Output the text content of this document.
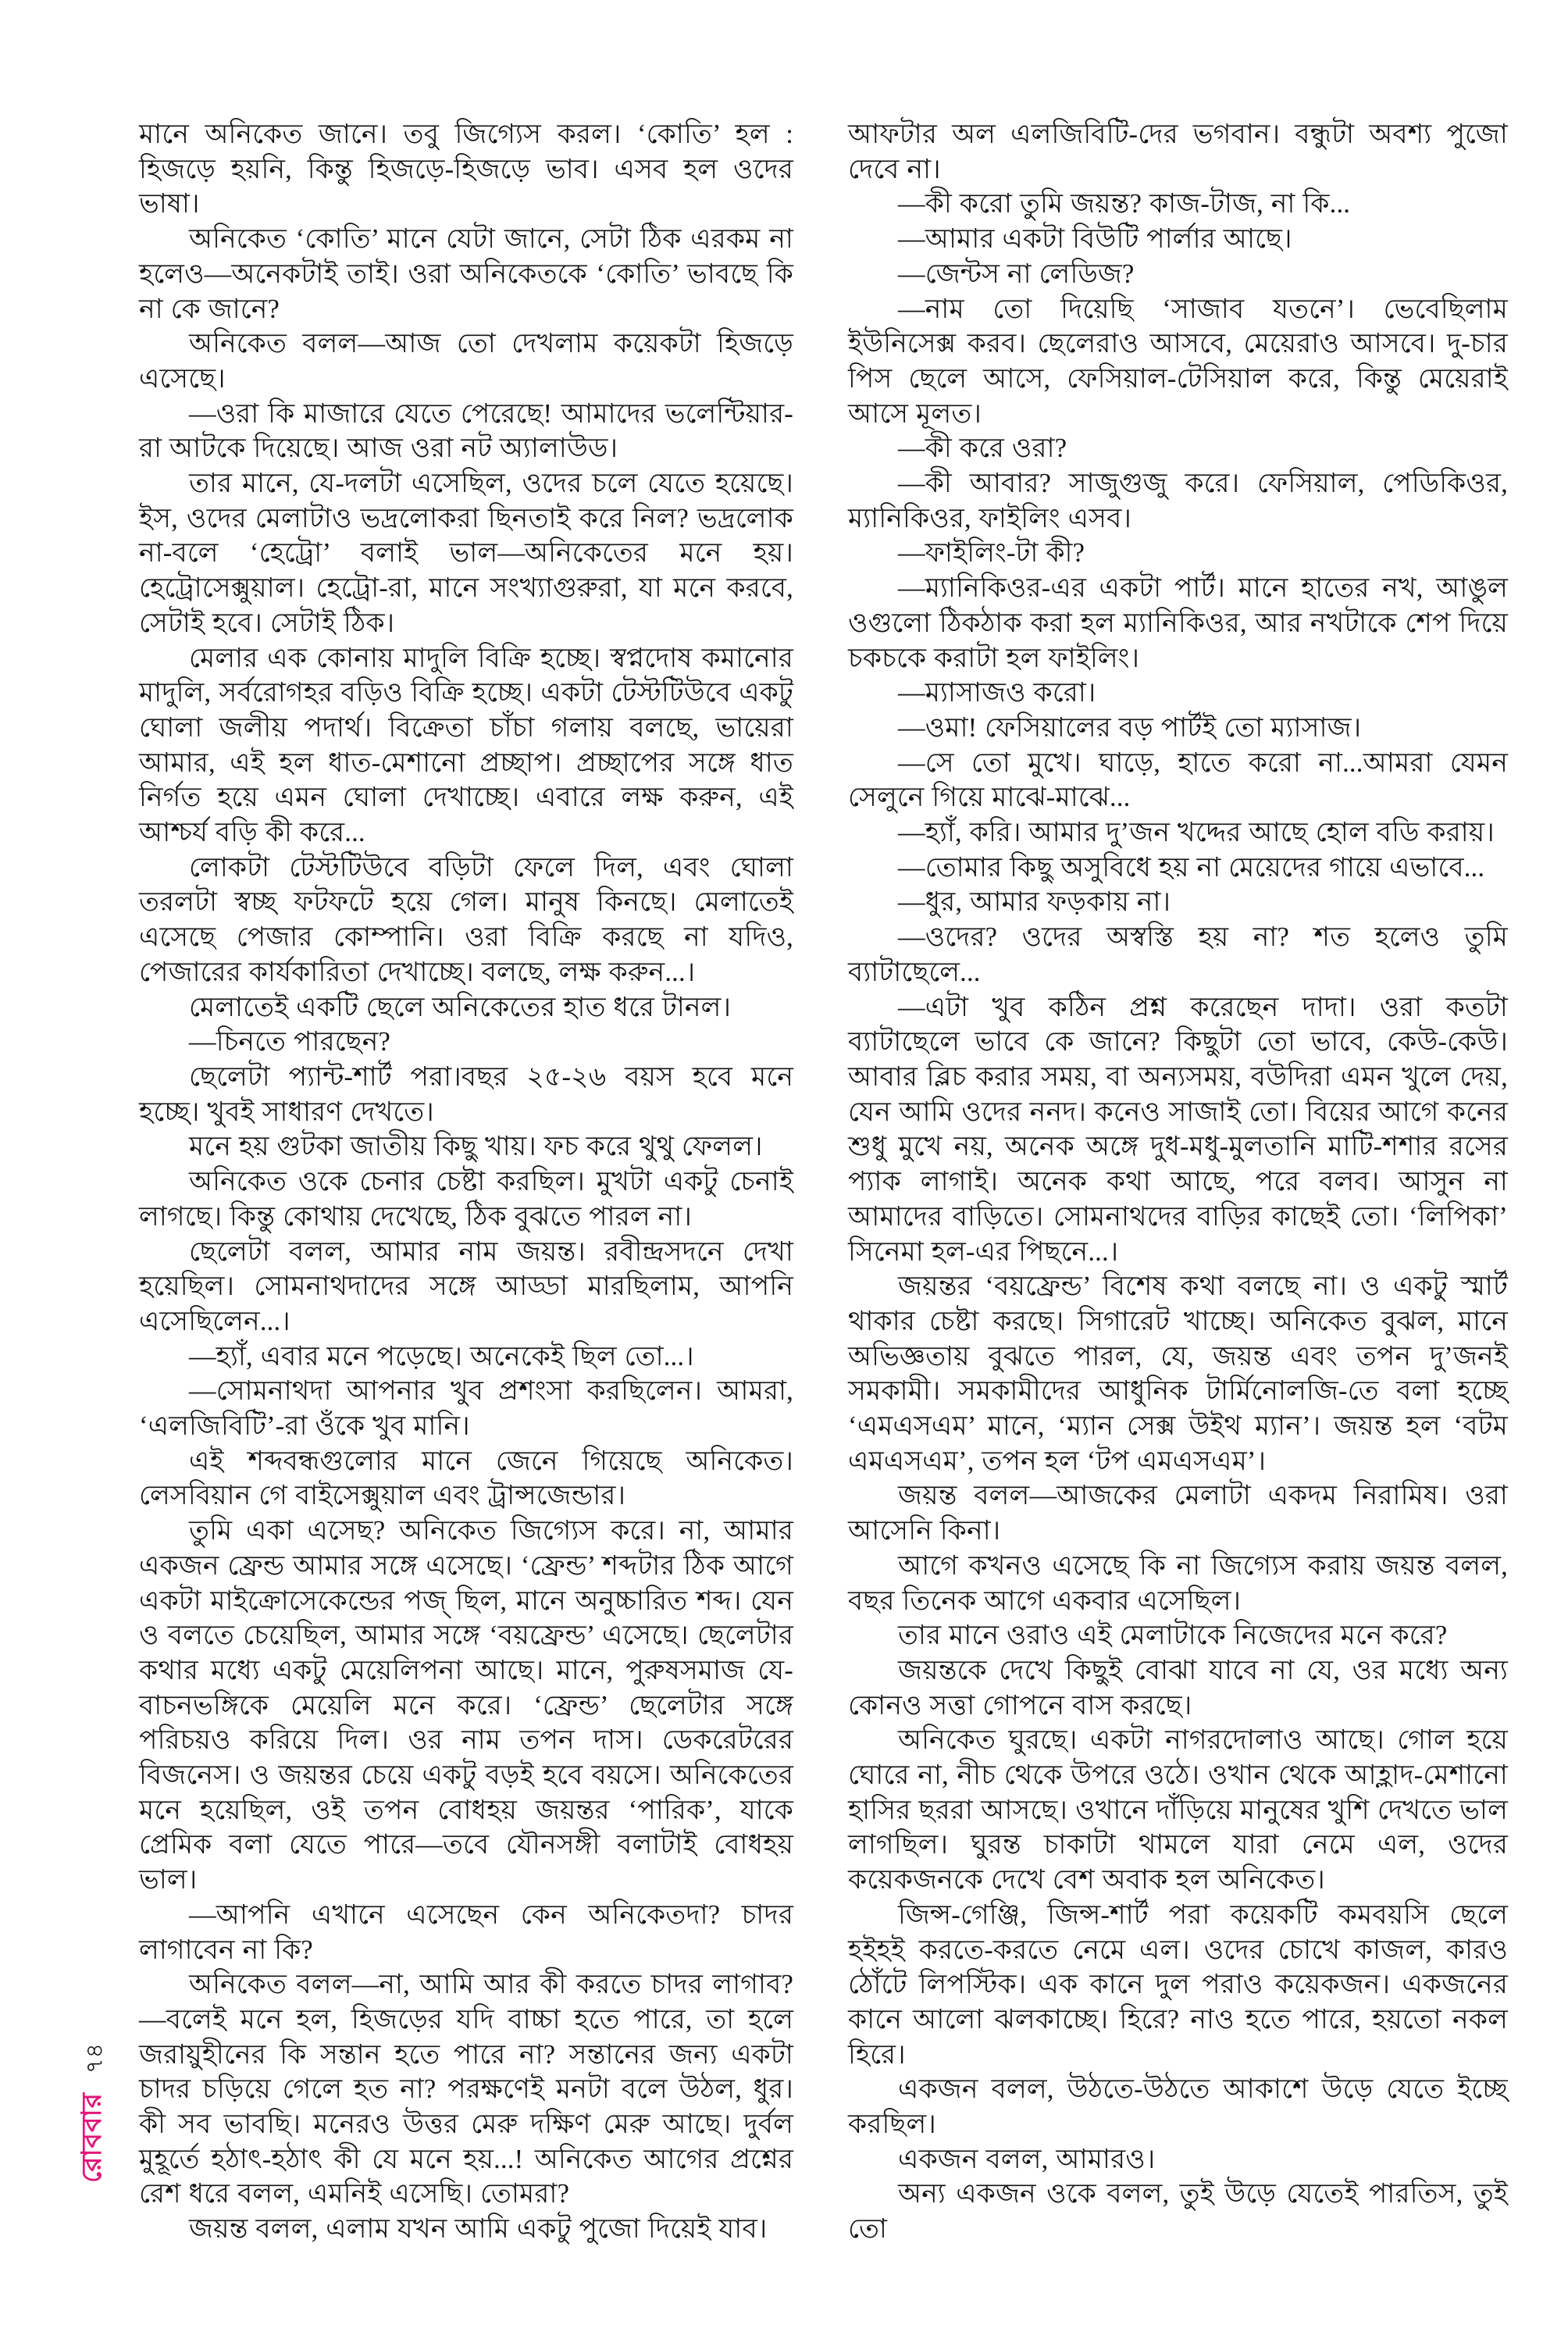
রোববার
৭৪

মানে অনিকেত জানে। তবু জিগ্যেস করল। ‘কোতি’ হল : হিজড়ে হয়নি, কিন্তু হিজড়ে-হিজড়ে ভাব। এসব হল ওদের ভাষা।

অনিকেত ‘কোতি’ মানে যেটা জানে, সেটা ঠিক এরকম না হলেও—অনেকটাই তাই। ওরা অনিকেতকে ‘কোতি’ ভাবছে কি না কে জানে?

অনিকেত বলল—আজ তো দেখলাম কয়েকটা হিজড়ে এসেছে।

—ওরা কি মাজারে যেতে পেরেছে! আমাদের ভলেন্টিয়ার-রা আটকে দিয়েছে। আজ ওরা নট অ্যালাউড।

তার মানে, যে-দলটা এসেছিল, ওদের চলে যেতে হয়েছে। ইস, ওদের মেলাটাও ভদ্রলোকরা ছিনতাই করে নিল? ভদ্রলোক না-বলে ‘হেট্রো’ বলাই ভাল—অনিকেতের মনে হয়। হেট্রোসেক্সুয়াল। হেট্রো-রা, মানে সংখ্যাগুরুরা, যা মনে করবে, সেটাই হবে। সেটাই ঠিক।

মেলার এক কোনায় মাদুলি বিক্রি হচ্ছে। স্বপ্নদোষ কমানোর মাদুলি, সর্বরোগহর বড়িও বিক্রি হচ্ছে। একটা টেস্টটিউবে একটু ঘোলা জলীয় পদার্থ। বিক্রেতা চাঁচা গলায় বলছে, ভায়েরা আমার, এই হল ধাত-মেশানো প্রচ্ছাপ। প্রচ্ছাপের সঙ্গে ধাত নির্গত হয়ে এমন ঘোলা দেখাচ্ছে। এবারে লক্ষ করুন, এই আশ্চর্য বড়ি কী করে...

লোকটা টেস্টটিউবে বড়িটা ফেলে দিল, এবং ঘোলা তরলটা স্বচ্ছ ফটফটে হয়ে গেল। মানুষ কিনছে। মেলাতেই এসেছে পেজার কোম্পানি। ওরা বিক্রি করছে না যদিও, পেজারের কার্যকারিতা দেখাচ্ছে। বলছে, লক্ষ করুন...।

মেলাতেই একটি ছেলে অনিকেতের হাত ধরে টানল।

—চিনতে পারছেন?

ছেলেটা প্যান্ট-শার্ট পরা।বছর ২৫-২৬ বয়স হবে মনে হচ্ছে। খুবই সাধারণ দেখতে।

মনে হয় গুটকা জাতীয় কিছু খায়। ফচ করে থুথু ফেলল।

অনিকেত ওকে চেনার চেষ্টা করছিল। মুখটা একটু চেনাই লাগছে। কিন্তু কোথায় দেখেছে, ঠিক বুঝতে পারল না।

ছেলেটা বলল, আমার নাম জয়ন্ত। রবীন্দ্রসদনে দেখা হয়েছিল। সোমনাথদাদের সঙ্গে আড্ডা মারছিলাম, আপনি এসেছিলেন...।

—হ্যাঁ, এবার মনে পড়েছে। অনেকেই ছিল তো...।

—সোমনাথদা আপনার খুব প্রশংসা করছিলেন। আমরা, ‘এলজিবিটি’-রা ওঁকে খুব মানি।

এই শব্দবন্ধগুলোর মানে জেনে গিয়েছে অনিকেত। লেসবিয়ান গে বাইসেক্সুয়াল এবং ট্রান্সজেন্ডার।

তুমি একা এসেছ? অনিকেত জিগ্যেস করে। না, আমার একজন ফ্রেন্ড আমার সঙ্গে এসেছে। ‘ফ্রেন্ড’ শব্দটার ঠিক আগে একটা মাইক্রোসেকেন্ডের পজ্ ছিল, মানে অনুচ্চারিত শব্দ। যেন ও বলতে চেয়েছিল, আমার সঙ্গে ‘বয়ফ্রেন্ড’ এসেছে। ছেলেটার কথার মধ্যে একটু মেয়েলিপনা আছে। মানে, পুরুষসমাজ যে-বাচনভঙ্গিকে মেয়েলি মনে করে। ‘ফ্রেন্ড’ ছেলেটার সঙ্গে পরিচয়ও করিয়ে দিল। ওর নাম তপন দাস। ডেকরেটরের বিজনেস। ও জয়ন্তর চেয়ে একটু বড়ই হবে বয়সে। অনিকেতের মনে হয়েছিল, ওই তপন বোধহয় জয়ন্তর ‘পারিক’, যাকে প্রেমিক বলা যেতে পারে—তবে যৌনসঙ্গী বলাটাই বোধহয় ভাল।

—আপনি এখানে এসেছেন কেন অনিকেতদা? চাদর লাগাবেন না কি?

অনিকেত বলল—না, আমি আর কী করতে চাদর লাগাব?—বলেই মনে হল, হিজড়ের যদি বাচ্চা হতে পারে, তা হলে জরায়ুহীনের কি সন্তান হতে পারে না? সন্তানের জন্য একটা চাদর চড়িয়ে গেলে হত না? পরক্ষণেই মনটা বলে উঠল, ধুর। কী সব ভাবছি। মনেরও উত্তর মেরু দক্ষিণ মেরু আছে। দুর্বল মুহূর্তে হঠাৎ-হঠাৎ কী যে মনে হয়...! অনিকেত আগের প্রশ্নের রেশ ধরে বলল, এমনিই এসেছি। তোমরা?

জয়ন্ত বলল, এলাম যখন আমি একটু পুজো দিয়েই যাব।

আফটার অল এলজিবিটি-দের ভগবান। বন্ধুটা অবশ্য পুজো দেবে না।

—কী করো তুমি জয়ন্ত? কাজ-টাজ, না কি...

—আমার একটা বিউটি পার্লার আছে।

—জেন্টস না লেডিজ?

—নাম তো দিয়েছি ‘সাজাব যতনে’। ভেবেছিলাম ইউনিসেক্স করব। ছেলেরাও আসবে, মেয়েরাও আসবে। দু-চার পিস ছেলে আসে, ফেসিয়াল-টেসিয়াল করে, কিন্তু মেয়েরাই আসে মূলত।

—কী করে ওরা?

—কী আবার? সাজুগুজু করে। ফেসিয়াল, পেডিকিওর, ম্যানিকিওর, ফাইলিং এসব।

—ফাইলিং-টা কী?

—ম্যানিকিওর-এর একটা পার্ট। মানে হাতের নখ, আঙুল ওগুলো ঠিকঠাক করা হল ম্যানিকিওর, আর নখটাকে শেপ দিয়ে চকচকে করাটা হল ফাইলিং।

—ম্যাসাজও করো।

—ওমা! ফেসিয়ালের বড় পার্টই তো ম্যাসাজ।

—সে তো মুখে। ঘাড়ে, হাতে করো না...আমরা যেমন সেলুনে গিয়ে মাঝে-মাঝে...

—হ্যাঁ, করি। আমার দু’জন খদ্দের আছে হোল বডি করায়।

—তোমার কিছু অসুবিধে হয় না মেয়েদের গায়ে এভাবে...

—ধুর, আমার ফড়কায় না।

—ওদের? ওদের অস্বস্তি হয় না? শত হলেও তুমি ব্যাটাছেলে...

—এটা খুব কঠিন প্রশ্ন করেছেন দাদা। ওরা কতটা ব্যাটাছেলে ভাবে কে জানে? কিছুটা তো ভাবে, কেউ-কেউ। আবার ব্লিচ করার সময়, বা অন্যসময়, বউদিরা এমন খুলে দেয়, যেন আমি ওদের ননদ। কনেও সাজাই তো। বিয়ের আগে কনের শুধু মুখে নয়, অনেক অঙ্গে দুধ-মধু-মুলতানি মাটি-শশার রসের প্যাক লাগাই। অনেক কথা আছে, পরে বলব। আসুন না আমাদের বাড়িতে। সোমনাথদের বাড়ির কাছেই তো। ‘লিপিকা’ সিনেমা হল-এর পিছনে...।

জয়ন্তর ‘বয়ফ্রেন্ড’ বিশেষ কথা বলছে না। ও একটু স্মার্ট থাকার চেষ্টা করছে। সিগারেট খাচ্ছে। অনিকেত বুঝল, মানে অভিজ্ঞতায় বুঝতে পারল, যে, জয়ন্ত এবং তপন দু’জনই সমকামী। সমকামীদের আধুনিক টার্মিনোলজি-তে বলা হচ্ছে ‘এমএসএম’ মানে, ‘ম্যান সেক্স উইথ ম্যান’। জয়ন্ত হল ‘বটম এমএসএম’, তপন হল ‘টপ এমএসএম’।

জয়ন্ত বলল—আজকের মেলাটা একদম নিরামিষ। ওরা আসেনি কিনা।

আগে কখনও এসেছে কি না জিগ্যেস করায় জয়ন্ত বলল, বছর তিনেক আগে একবার এসেছিল।

তার মানে ওরাও এই মেলাটাকে নিজেদের মনে করে?

জয়ন্তকে দেখে কিছুই বোঝা যাবে না যে, ওর মধ্যে অন্য কোনও সত্তা গোপনে বাস করছে।

অনিকেত ঘুরছে। একটা নাগরদোলাও আছে। গোল হয়ে ঘোরে না, নীচ থেকে উপরে ওঠে। ওখান থেকে আহ্লাদ-মেশানো হাসির ছররা আসছে। ওখানে দাঁড়িয়ে মানুষের খুশি দেখতে ভাল লাগছিল। ঘুরন্ত চাকাটা থামলে যারা নেমে এল, ওদের কয়েকজনকে দেখে বেশ অবাক হল অনিকেত।

জিন্স-গেঞ্জি, জিন্স-শার্ট পরা কয়েকটি কমবয়সি ছেলে হইহই করতে-করতে নেমে এল। ওদের চোখে কাজল, কারও ঠোঁটে লিপস্টিক। এক কানে দুল পরাও কয়েকজন। একজনের কানে আলো ঝলকাচ্ছে। হিরে? নাও হতে পারে, হয়তো নকল হিরে।

একজন বলল, উঠতে-উঠতে আকাশে উড়ে যেতে ইচ্ছে করছিল।

একজন বলল, আমারও।

অন্য একজন ওকে বলল, তুই উড়ে যেতেই পারতিস, তুই তো
